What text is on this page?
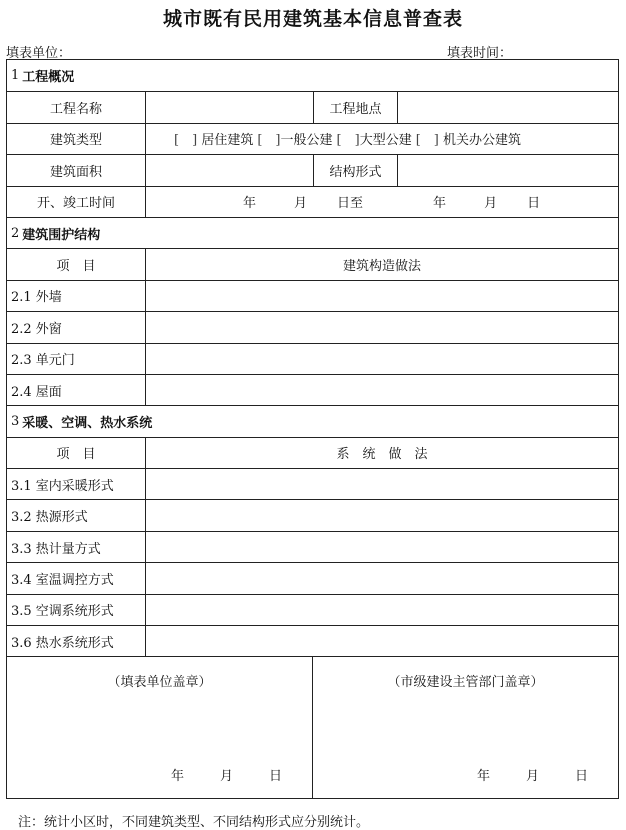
城市既有民用建筑基本信息普查表
填表单位：	填表时间：
1 工程概况
工程名称	工程地点
建筑类型	[　 ] 居住建筑 [　 ]一般公建 [　 ]大型公建 [　 ] 机关办公建筑
建筑面积	结构形式
开、竣工时间	年	月 日至	年	月 日
2 建筑围护结构
项　目	建筑构造做法
2.1 外墙
2.2 外窗
2.3 单元门
2.4 屋面
3 采暖、空调、热水系统
项　目	系　统　做　法
3.1 室内采暖形式
3.2 热源形式
3.3 热计量方式
3.4 室温调控方式
3.5 空调系统形式
3.6 热水系统形式
（填表单位盖章）
年	月	日
（市级建设主管部门盖章）
年	月	日
注：统计小区时，不同建筑类型、不同结构形式应分别统计。
